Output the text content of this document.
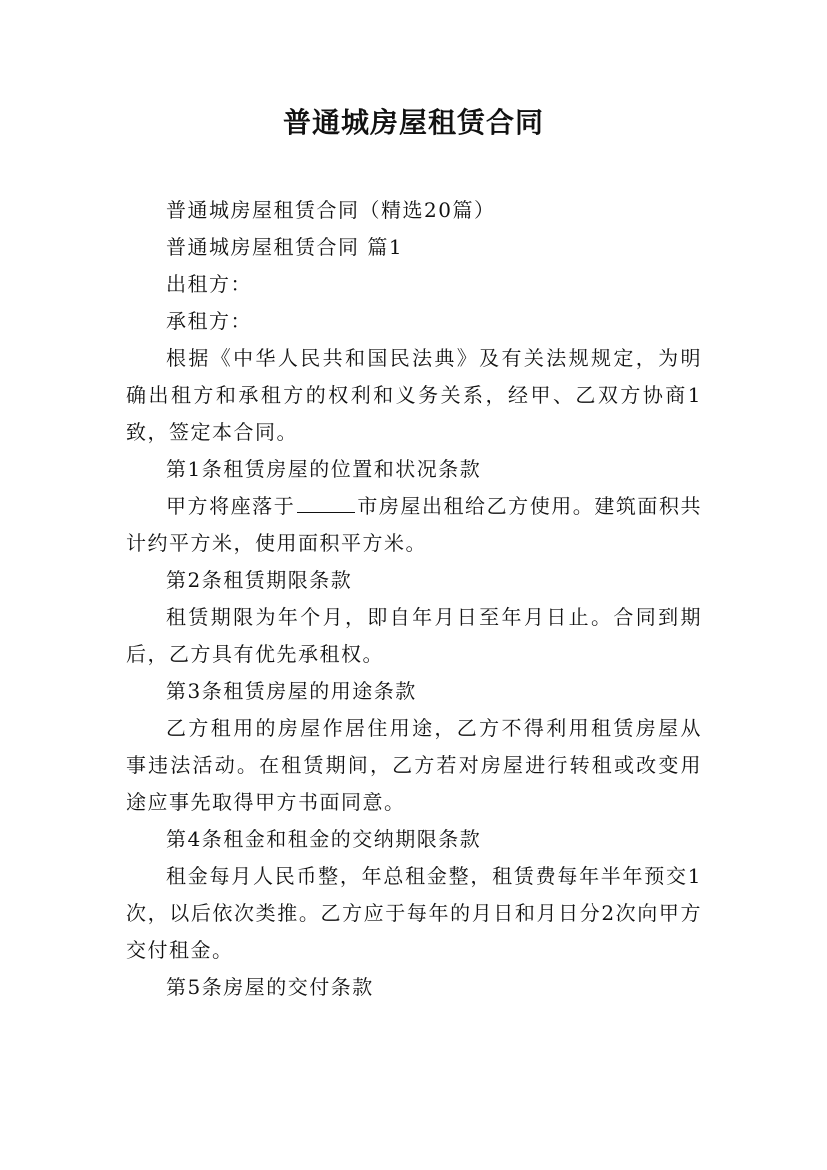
普通城房屋租赁合同

普通城房屋租赁合同（精选20篇）

普通城房屋租赁合同 篇1

出租方：

承租方：

根据《中华人民共和国民法典》及有关法规规定，为明确出租方和承租方的权利和义务关系，经甲、乙双方协商1致，签定本合同。

第1条租赁房屋的位置和状况条款

甲方将座落于	市房屋出租给乙方使用。建筑面积共计约平方米，使用面积平方米。

第2条租赁期限条款

租赁期限为年个月，即自年月日至年月日止。合同到期后，乙方具有优先承租权。

第3条租赁房屋的用途条款

乙方租用的房屋作居住用途，乙方不得利用租赁房屋从事违法活动。在租赁期间，乙方若对房屋进行转租或改变用途应事先取得甲方书面同意。

第4条租金和租金的交纳期限条款

租金每月人民币整，年总租金整，租赁费每年半年预交1次，以后依次类推。乙方应于每年的月日和月日分2次向甲方交付租金。

第5条房屋的交付条款
